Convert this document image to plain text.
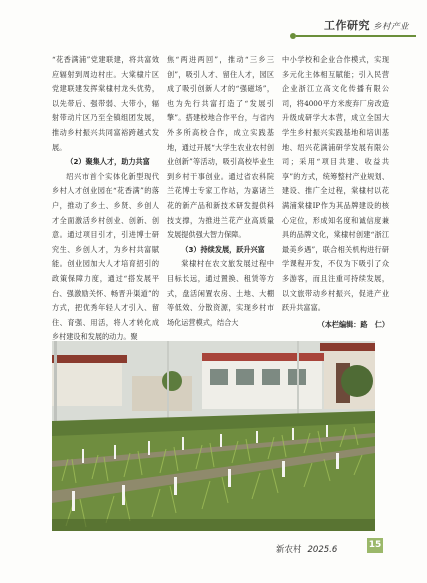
工作研究 乡村产业

“花香满浦”党建联建，将共富效应辐射到周边村庄。大棠棣片区党建联建发挥棠棣村龙头优势，以先带后、强带弱、大带小，辐射带动片区乃至全镇组团发展，推动乡村振兴共同富裕跨越式发展。

（2）聚集人才，助力共富

绍兴市首个实体化新型现代乡村人才创业园在“花香满”的落户，推动了乡土、乡贤、乡创人才全面激活乡村创业、创新、创意。通过项目引才，引进博士研究生、乡创人才，为乡村共富賦能。创业园加大人才培育招引的政策保障力度，通过“搭发展平台、强激励关怀、畅晋升渠道”的方式，把优秀年轻人才引入、留住、育强、用活，将人才转化成乡村建设和发展的动力。聚

焦“两进两回”，推动“三乡三创”，吸引人才、留住人才，园区成了吸引创新人才的“强磁场”，也为先行共富打造了“发展引擎”。搭建校地合作平台，与省内外多所高校合作，成立实践基地，通过开展“大学生农业农村创业创新”等活动，吸引高校毕业生到乡村干事创业。通过省农科院兰花博士专家工作站，为嘉诸兰花的新产品和新技术研发提供科技支撑，为推进兰花产业高质量发展提供强大智力保障。

（3）持续发展，跃升兴富

棠棣村在农文旅发展过程中目标长远，通过置换、租赁等方式，盘活闲置农房、土地、大棚等低效、分散资源，实现乡村市场化运营模式，结合大

中小学校和企业合作模式，实现多元化主体相互賦能；引入民营企业浙江立高文化传播有限公司，将4000平方米废弃厂房改造升级成研学大本营，成立全国大学生乡村振兴实践基地和培训基地、绍兴花满浦研学发展有限公司；采用“项目共建、收益共享”的方式，统筹整村产业规划、建设、推广全过程，棠棣村以花满浦棠棣IP作为其品牌建设的核心定位，形成知名度和诚信度兼具的品牌文化，棠棣村创建“浙江最美乡遇”，联合相关机构进行研学课程开发，不仅为下吸引了众多游客，而且注重可持续发展，以文旅带动乡村振兴，促进产业跃升共富富。

（本栏编辑：路　仁）

新农村 2025.6	15
